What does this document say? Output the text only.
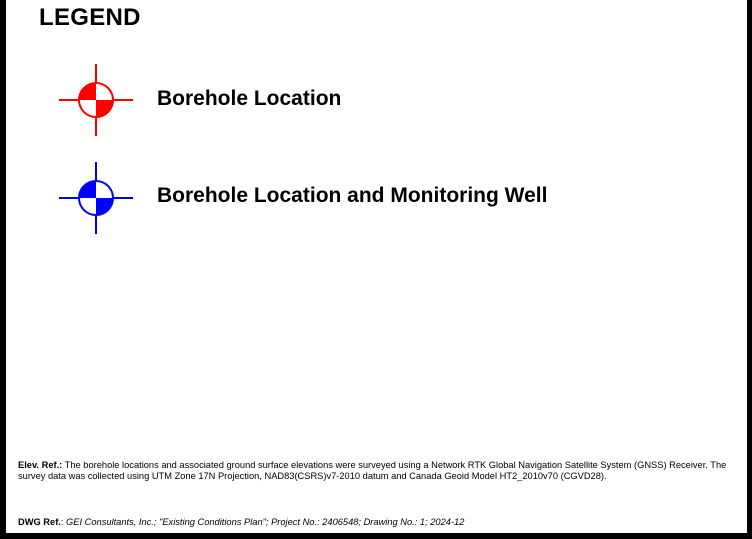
LEGEND
Borehole Location
Borehole Location and Monitoring Well
Elev. Ref.: The borehole locations and associated ground surface elevations were surveyed using a Network RTK Global Navigation Satellite System (GNSS) Receiver. The survey data was collected using UTM Zone 17N Projection, NAD83(CSRS)v7-2010 datum and Canada Geoid Model HT2_2010v70 (CGVD28).
DWG Ref.: GEI Consultants, Inc.; "Existing Conditions Plan"; Project No.: 2406548; Drawing No.: 1; 2024-12
